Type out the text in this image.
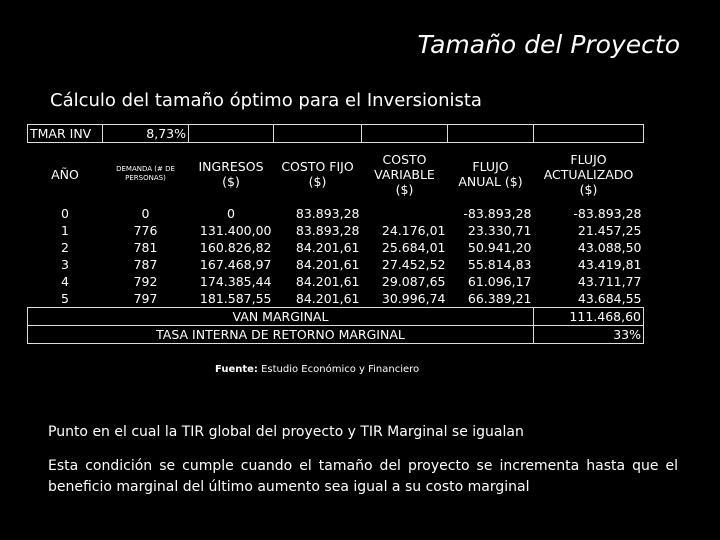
Tamaño del Proyecto
Cálculo del tamaño óptimo para el Inversionista
TMAR INV	8,73%					
AÑO	DEMANDA (# DE PERSONAS)	INGRESOS ($)	COSTO FIJO ($)	COSTO VARIABLE ($)	FLUJO ANUAL ($)	FLUJO ACTUALIZADO ($)
0	0	0	83.893,28		-83.893,28	-83.893,28
1	776	131.400,00	83.893,28	24.176,01	23.330,71	21.457,25
2	781	160.826,82	84.201,61	25.684,01	50.941,20	43.088,50
3	787	167.468,97	84.201,61	27.452,52	55.814,83	43.419,81
4	792	174.385,44	84.201,61	29.087,65	61.096,17	43.711,77
5	797	181.587,55	84.201,61	30.996,74	66.389,21	43.684,55
VAN MARGINAL						111.468,60
TASA INTERNA DE RETORNO MARGINAL						33%
Fuente: Estudio Económico y Financiero
Punto en el cual la TIR global del proyecto y TIR Marginal se igualan
Esta condición se cumple cuando el tamaño del proyecto se incrementa hasta que el beneficio marginal del último aumento sea igual a su costo marginal
